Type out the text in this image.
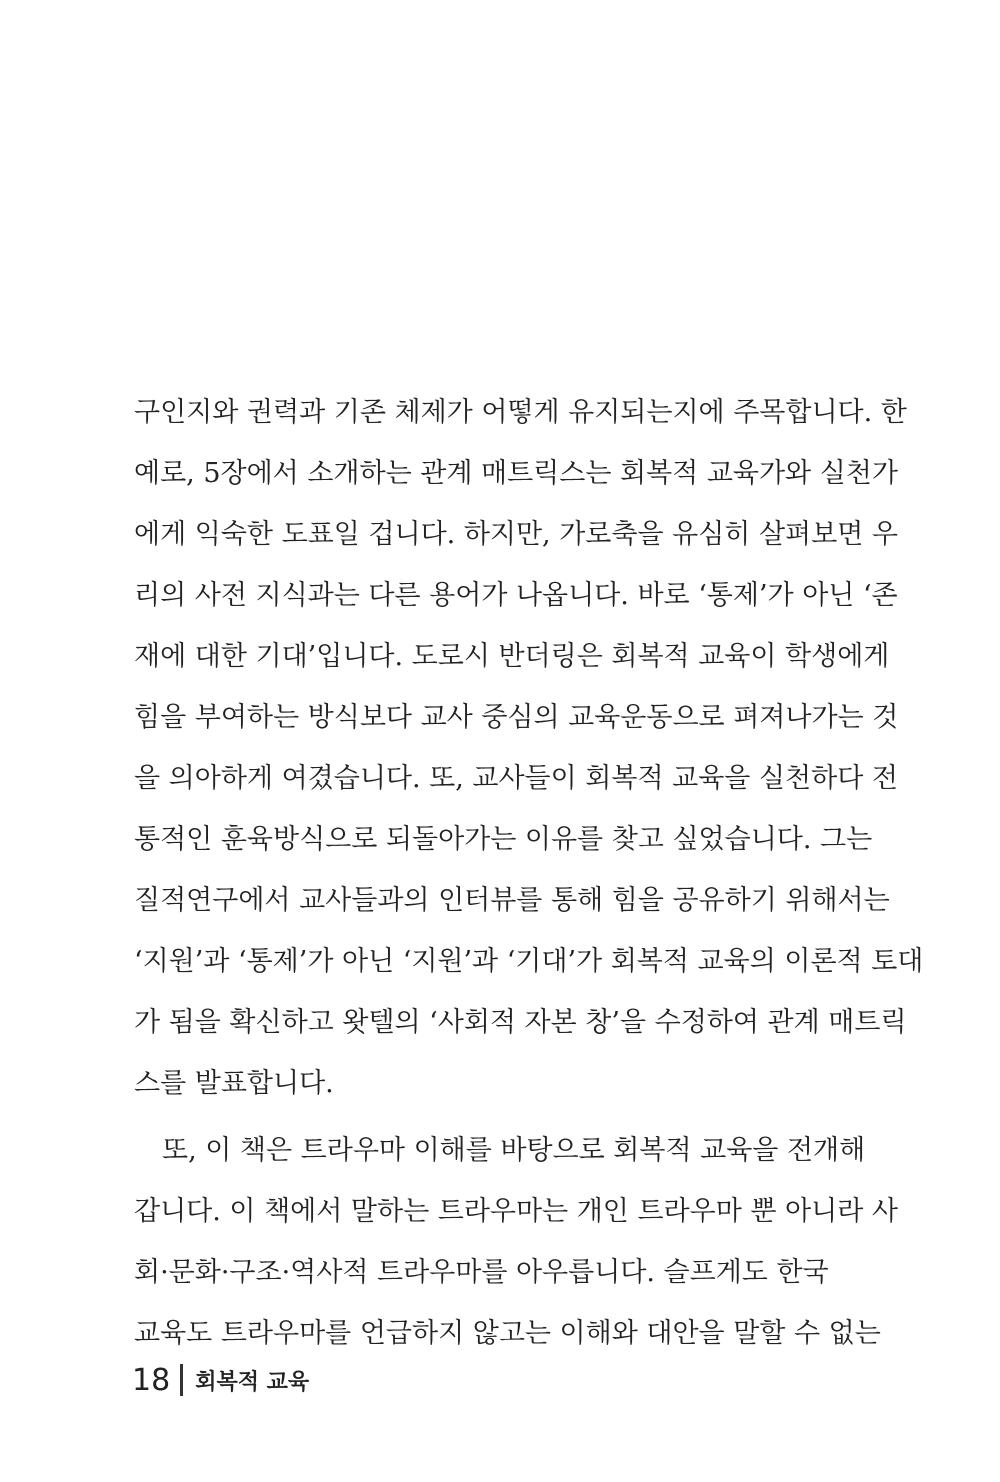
구인지와 권력과 기존 체제가 어떻게 유지되는지에 주목합니다. 한
예로, 5장에서 소개하는 관계 매트릭스는 회복적 교육가와 실천가
에게 익숙한 도표일 겁니다. 하지만, 가로축을 유심히 살펴보면 우
리의 사전 지식과는 다른 용어가 나옵니다. 바로 ‘통제’가 아닌 ‘존
재에 대한 기대’입니다. 도로시 반더링은 회복적 교육이 학생에게
힘을 부여하는 방식보다 교사 중심의 교육운동으로 펴져나가는 것
을 의아하게 여겼습니다. 또, 교사들이 회복적 교육을 실천하다 전
통적인 훈육방식으로 되돌아가는 이유를 찾고 싶었습니다. 그는
질적연구에서 교사들과의 인터뷰를 통해 힘을 공유하기 위해서는
‘지원’과 ‘통제’가 아닌 ‘지원’과 ‘기대’가 회복적 교육의 이론적 토대
가 됨을 확신하고 왓텔의 ‘사회적 자본 창’을 수정하여 관계 매트릭
스를 발표합니다.
또, 이 책은 트라우마 이해를 바탕으로 회복적 교육을 전개해
갑니다. 이 책에서 말하는 트라우마는 개인 트라우마 뿐 아니라 사
회·문화·구조·역사적 트라우마를 아우릅니다. 슬프게도 한국
교육도 트라우마를 언급하지 않고는 이해와 대안을 말할 수 없는
18 회복적 교육
